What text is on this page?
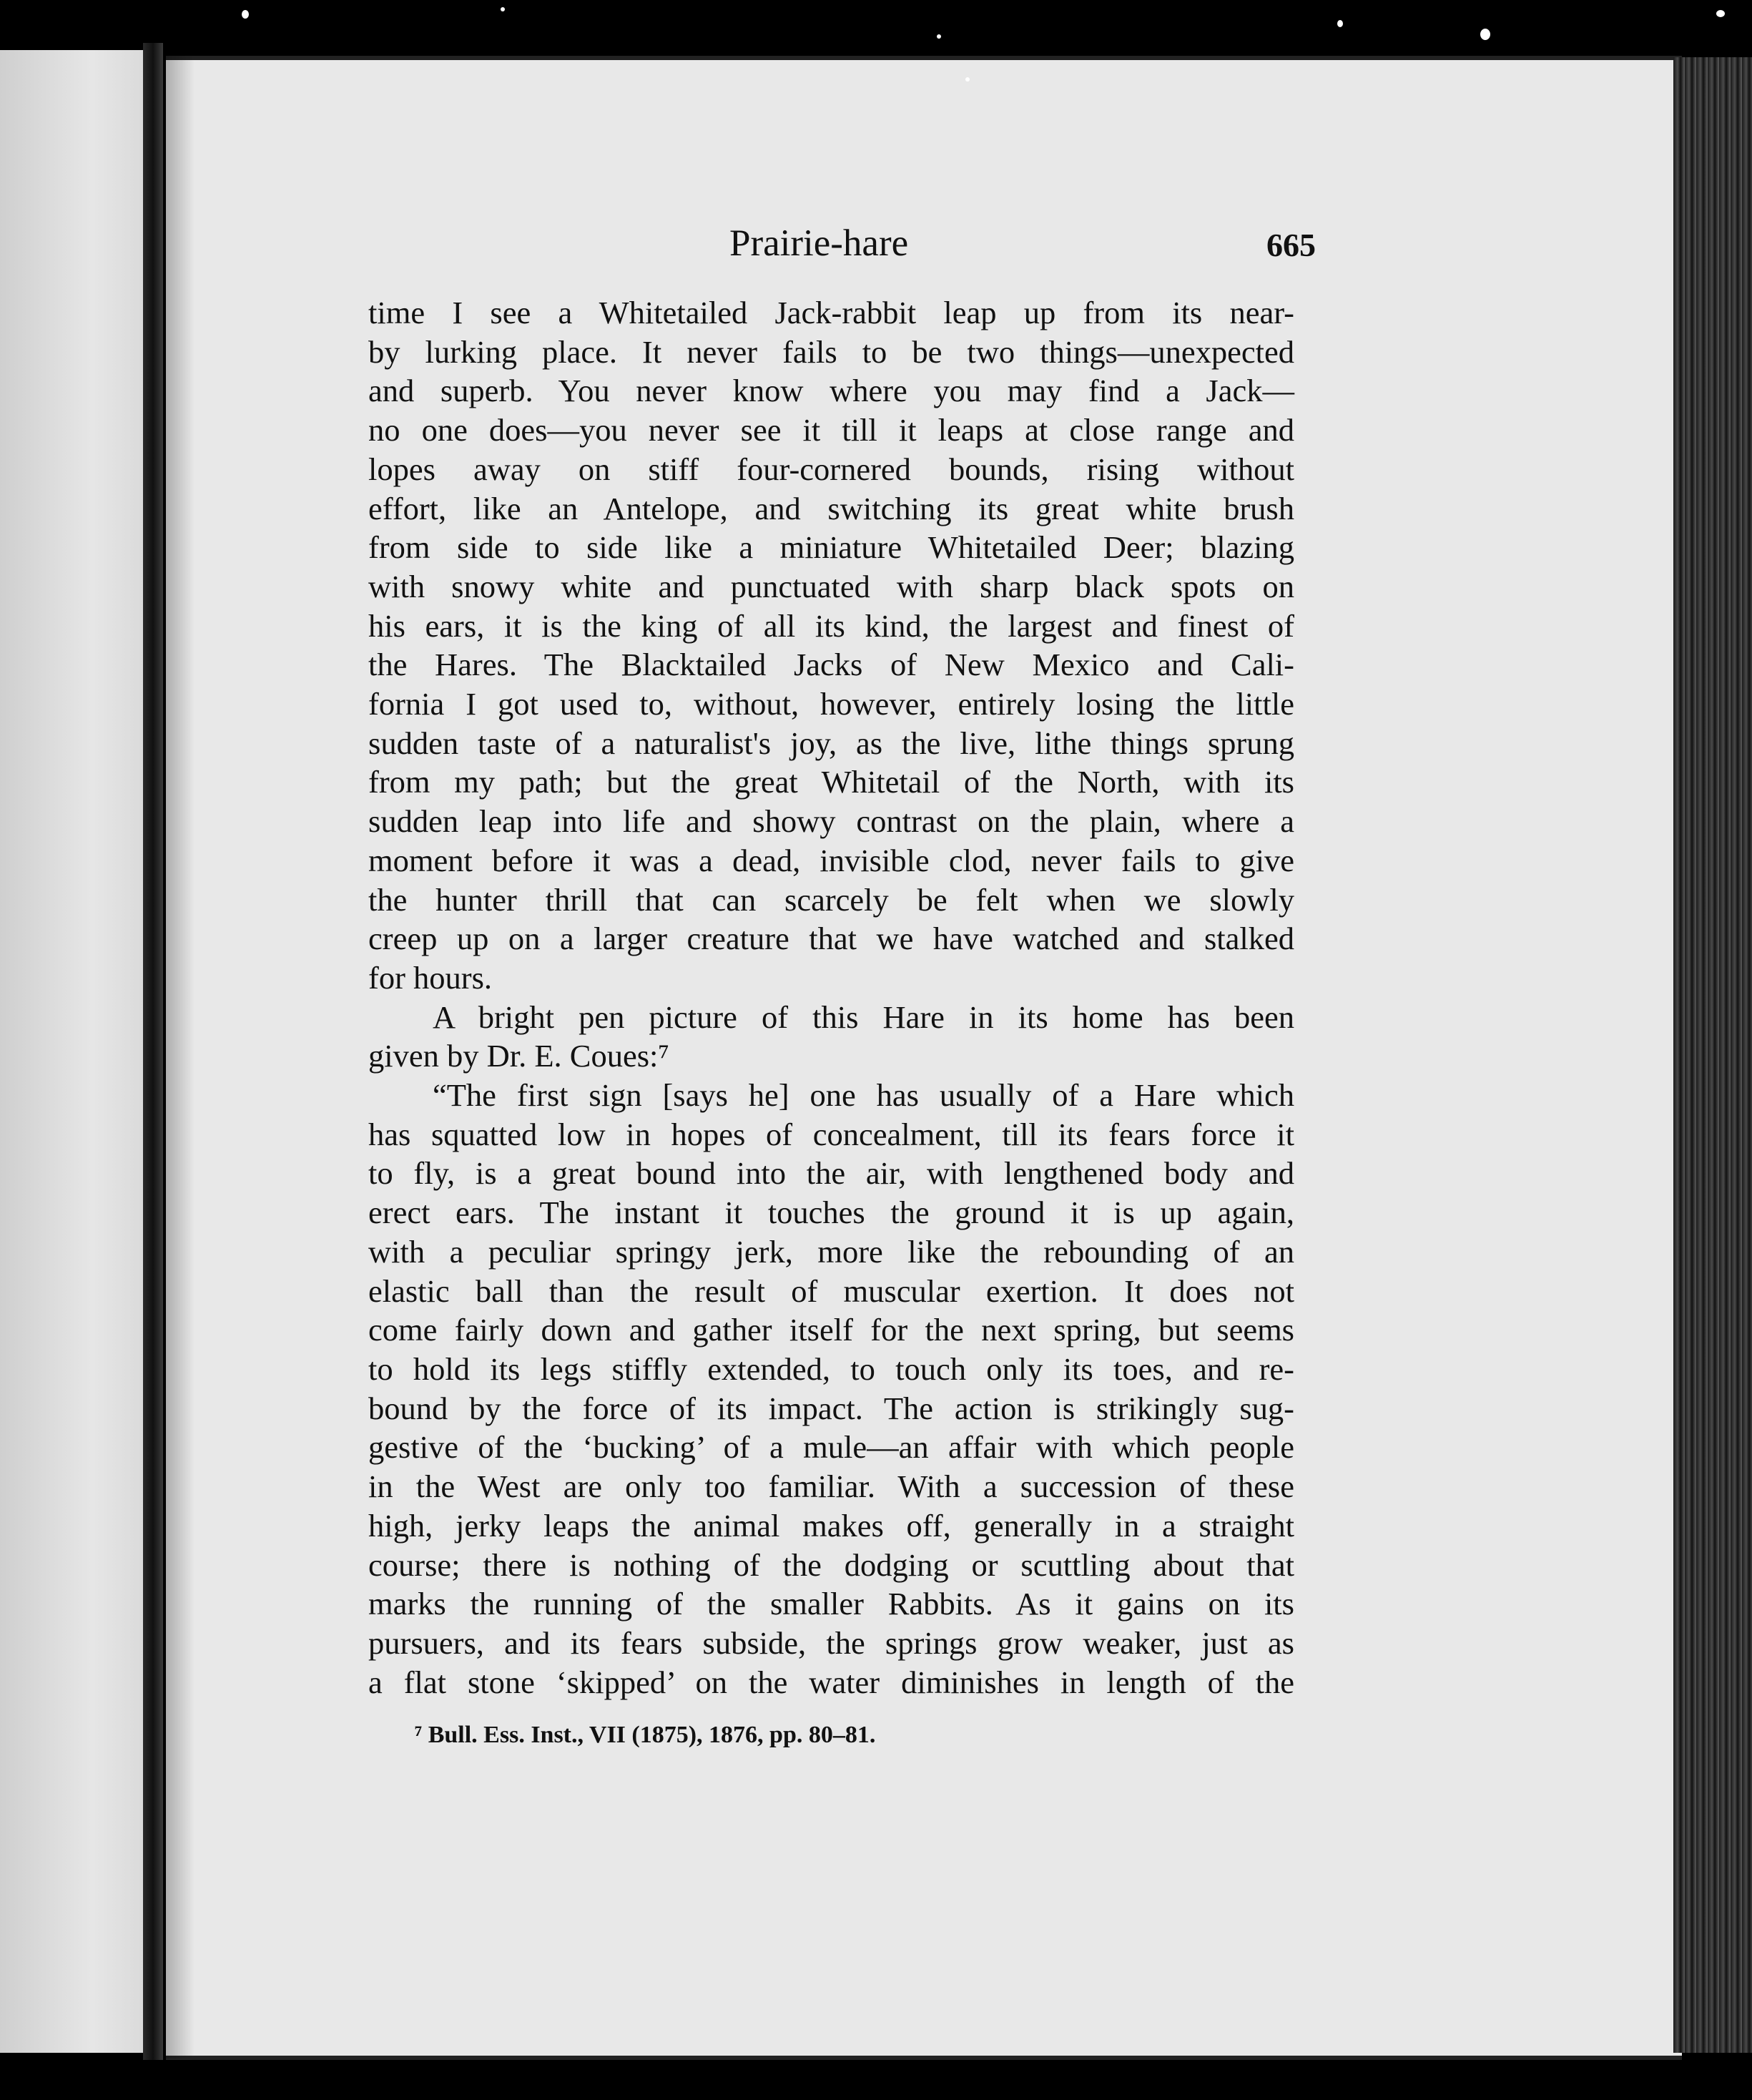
Prairie-hare	665
time I see a Whitetailed Jack-rabbit leap up from its near-
by lurking place. It never fails to be two things—unexpected
and superb. You never know where you may find a Jack—
no one does—you never see it till it leaps at close range and
lopes away on stiff four-cornered bounds, rising without
effort, like an Antelope, and switching its great white brush
from side to side like a miniature Whitetailed Deer; blazing
with snowy white and punctuated with sharp black spots on
his ears, it is the king of all its kind, the largest and finest of
the Hares. The Blacktailed Jacks of New Mexico and Cali-
fornia I got used to, without, however, entirely losing the little
sudden taste of a naturalist's joy, as the live, lithe things sprung
from my path; but the great Whitetail of the North, with its
sudden leap into life and showy contrast on the plain, where a
moment before it was a dead, invisible clod, never fails to give
the hunter thrill that can scarcely be felt when we slowly
creep up on a larger creature that we have watched and stalked
for hours.
A bright pen picture of this Hare in its home has been
given by Dr. E. Coues:⁷
“The first sign [says he] one has usually of a Hare which
has squatted low in hopes of concealment, till its fears force it
to fly, is a great bound into the air, with lengthened body and
erect ears. The instant it touches the ground it is up again,
with a peculiar springy jerk, more like the rebounding of an
elastic ball than the result of muscular exertion. It does not
come fairly down and gather itself for the next spring, but seems
to hold its legs stiffly extended, to touch only its toes, and re-
bound by the force of its impact. The action is strikingly sug-
gestive of the ‘bucking’ of a mule—an affair with which people
in the West are only too familiar. With a succession of these
high, jerky leaps the animal makes off, generally in a straight
course; there is nothing of the dodging or scuttling about that
marks the running of the smaller Rabbits. As it gains on its
pursuers, and its fears subside, the springs grow weaker, just as
a flat stone ‘skipped’ on the water diminishes in length of the
⁷ Bull. Ess. Inst., VII (1875), 1876, pp. 80–81.
